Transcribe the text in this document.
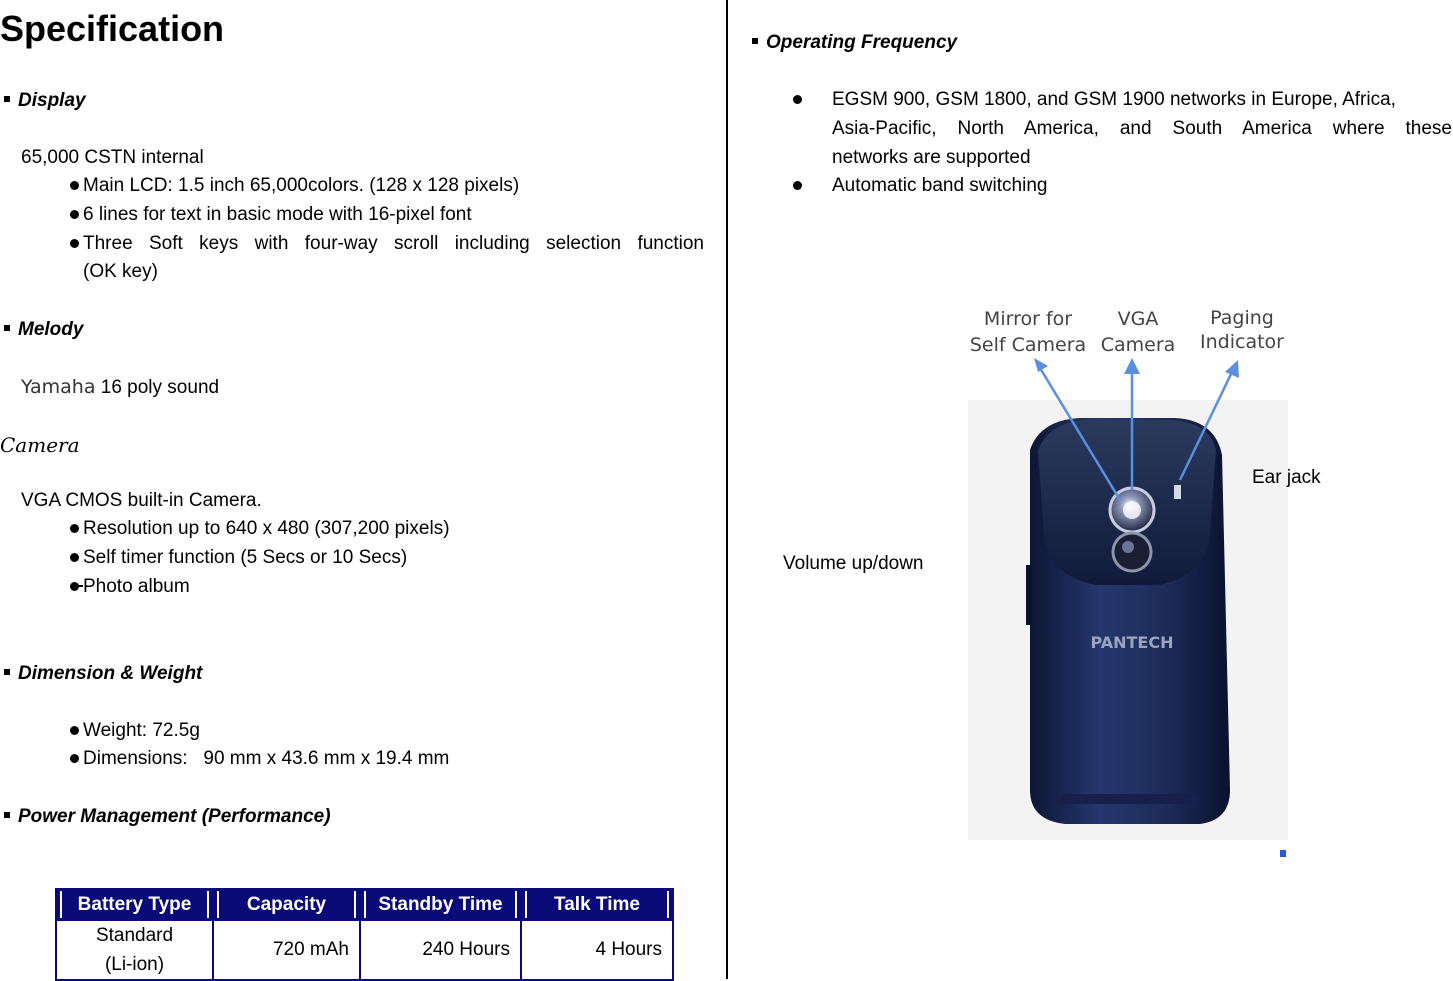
Specification
Display
65,000 CSTN internal
Main LCD: 1.5 inch 65,000colors. (128 x 128 pixels)
6 lines for text in basic mode with 16-pixel font
Three Soft keys with four-way scroll including selection function
(OK key)
Melody
Yamaha 16 poly sound
Camera
VGA CMOS built-in Camera.
Resolution up to 640 x 480 (307,200 pixels)
Self timer function (5 Secs or 10 Secs)
Photo album
Dimension & Weight
Weight: 72.5g
Dimensions:   90 mm x 43.6 mm x 19.4 mm
Power Management (Performance)
Battery Type	Capacity	Standby Time	Talk Time

Standard
(Li-ion)	720 mAh	240 Hours	4 Hours
Operating Frequency
EGSM 900, GSM 1800, and GSM 1900 networks in Europe, Africa,
Asia-Pacific, North America, and South America where these
networks are supported
Automatic band switching
PANTECH
Mirror for
Self Camera
VGA
Camera
Paging
Indicator
Ear jack
Volume up/down
